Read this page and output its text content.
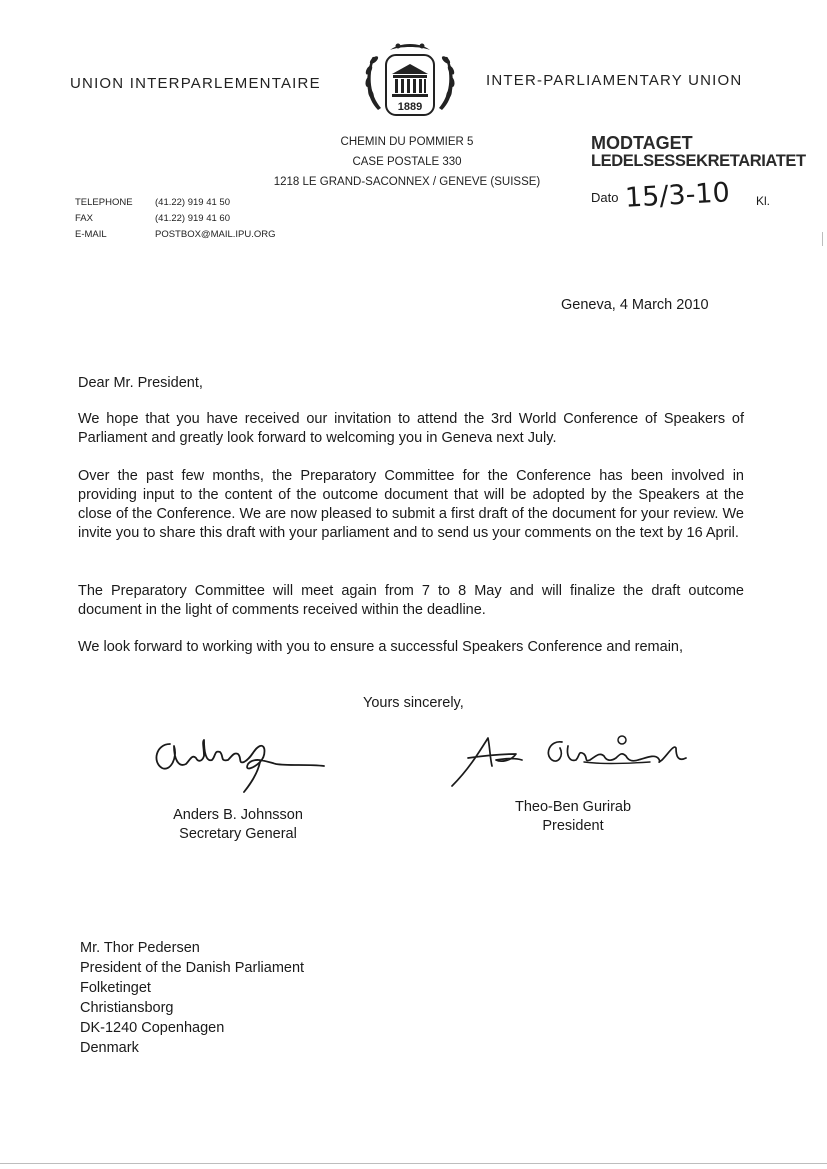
UNION INTERPARLEMENTAIRE	INTER-PARLIAMENTARY UNION
1889
CHEMIN DU POMMIER 5
CASE POSTALE 330
1218 LE GRAND-SACONNEX / GENEVE (SUISSE)
TELEPHONE
FAX
E-MAIL
(41.22) 919 41 50
(41.22) 919 41 60
POSTBOX@MAIL.IPU.ORG
MODTAGET
LEDELSESSEKRETARIATET
Dato 15/3-10 Kl.
Geneva, 4 March 2010
Dear Mr. President,
We hope that you have received our invitation to attend the 3rd World Conference of Speakers of Parliament and greatly look forward to welcoming you in Geneva next July.
Over the past few months, the Preparatory Committee for the Conference has been involved in providing input to the content of the outcome document that will be adopted by the Speakers at the close of the Conference. We are now pleased to submit a first draft of the document for your review. We invite you to share this draft with your parliament and to send us your comments on the text by 16 April.
The Preparatory Committee will meet again from 7 to 8 May and will finalize the draft outcome document in the light of comments received within the deadline.
We look forward to working with you to ensure a successful Speakers Conference and remain,
Yours sincerely,
Anders B. Johnsson
Secretary General
Theo-Ben Gurirab
President
Mr. Thor Pedersen
President of the Danish Parliament
Folketinget
Christiansborg
DK-1240 Copenhagen
Denmark
